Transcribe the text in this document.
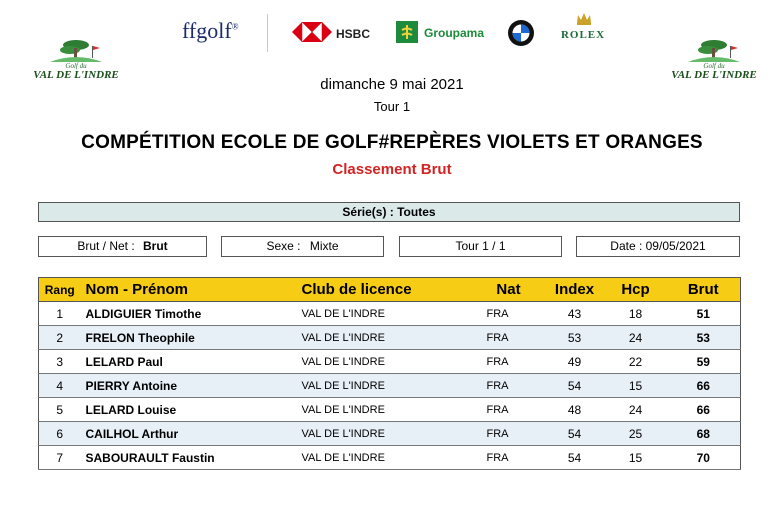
Golf du
VAL DE L'INDRE
Golf du
VAL DE L'INDRE
ffgolf®
HSBC	Groupama	ROLEX
dimanche 9 mai 2021
Tour 1
COMPÉTITION ECOLE DE GOLF#REPÈRES VIOLETS ET ORANGES
Classement Brut
Série(s) : Toutes
Brut / Net : Brut	Sexe : Mixte	Tour 1 / 1	Date : 09/05/2021
Rang	Nom - Prénom	Club de licence	Nat	Index	Hcp	Brut
1	ALDIGUIER Timothe	VAL DE L'INDRE	FRA	43	18	51
2	FRELON Theophile	VAL DE L'INDRE	FRA	53	24	53
3	LELARD Paul	VAL DE L'INDRE	FRA	49	22	59
4	PIERRY Antoine	VAL DE L'INDRE	FRA	54	15	66
5	LELARD Louise	VAL DE L'INDRE	FRA	48	24	66
6	CAILHOL Arthur	VAL DE L'INDRE	FRA	54	25	68
7	SABOURAULT Faustin	VAL DE L'INDRE	FRA	54	15	70
